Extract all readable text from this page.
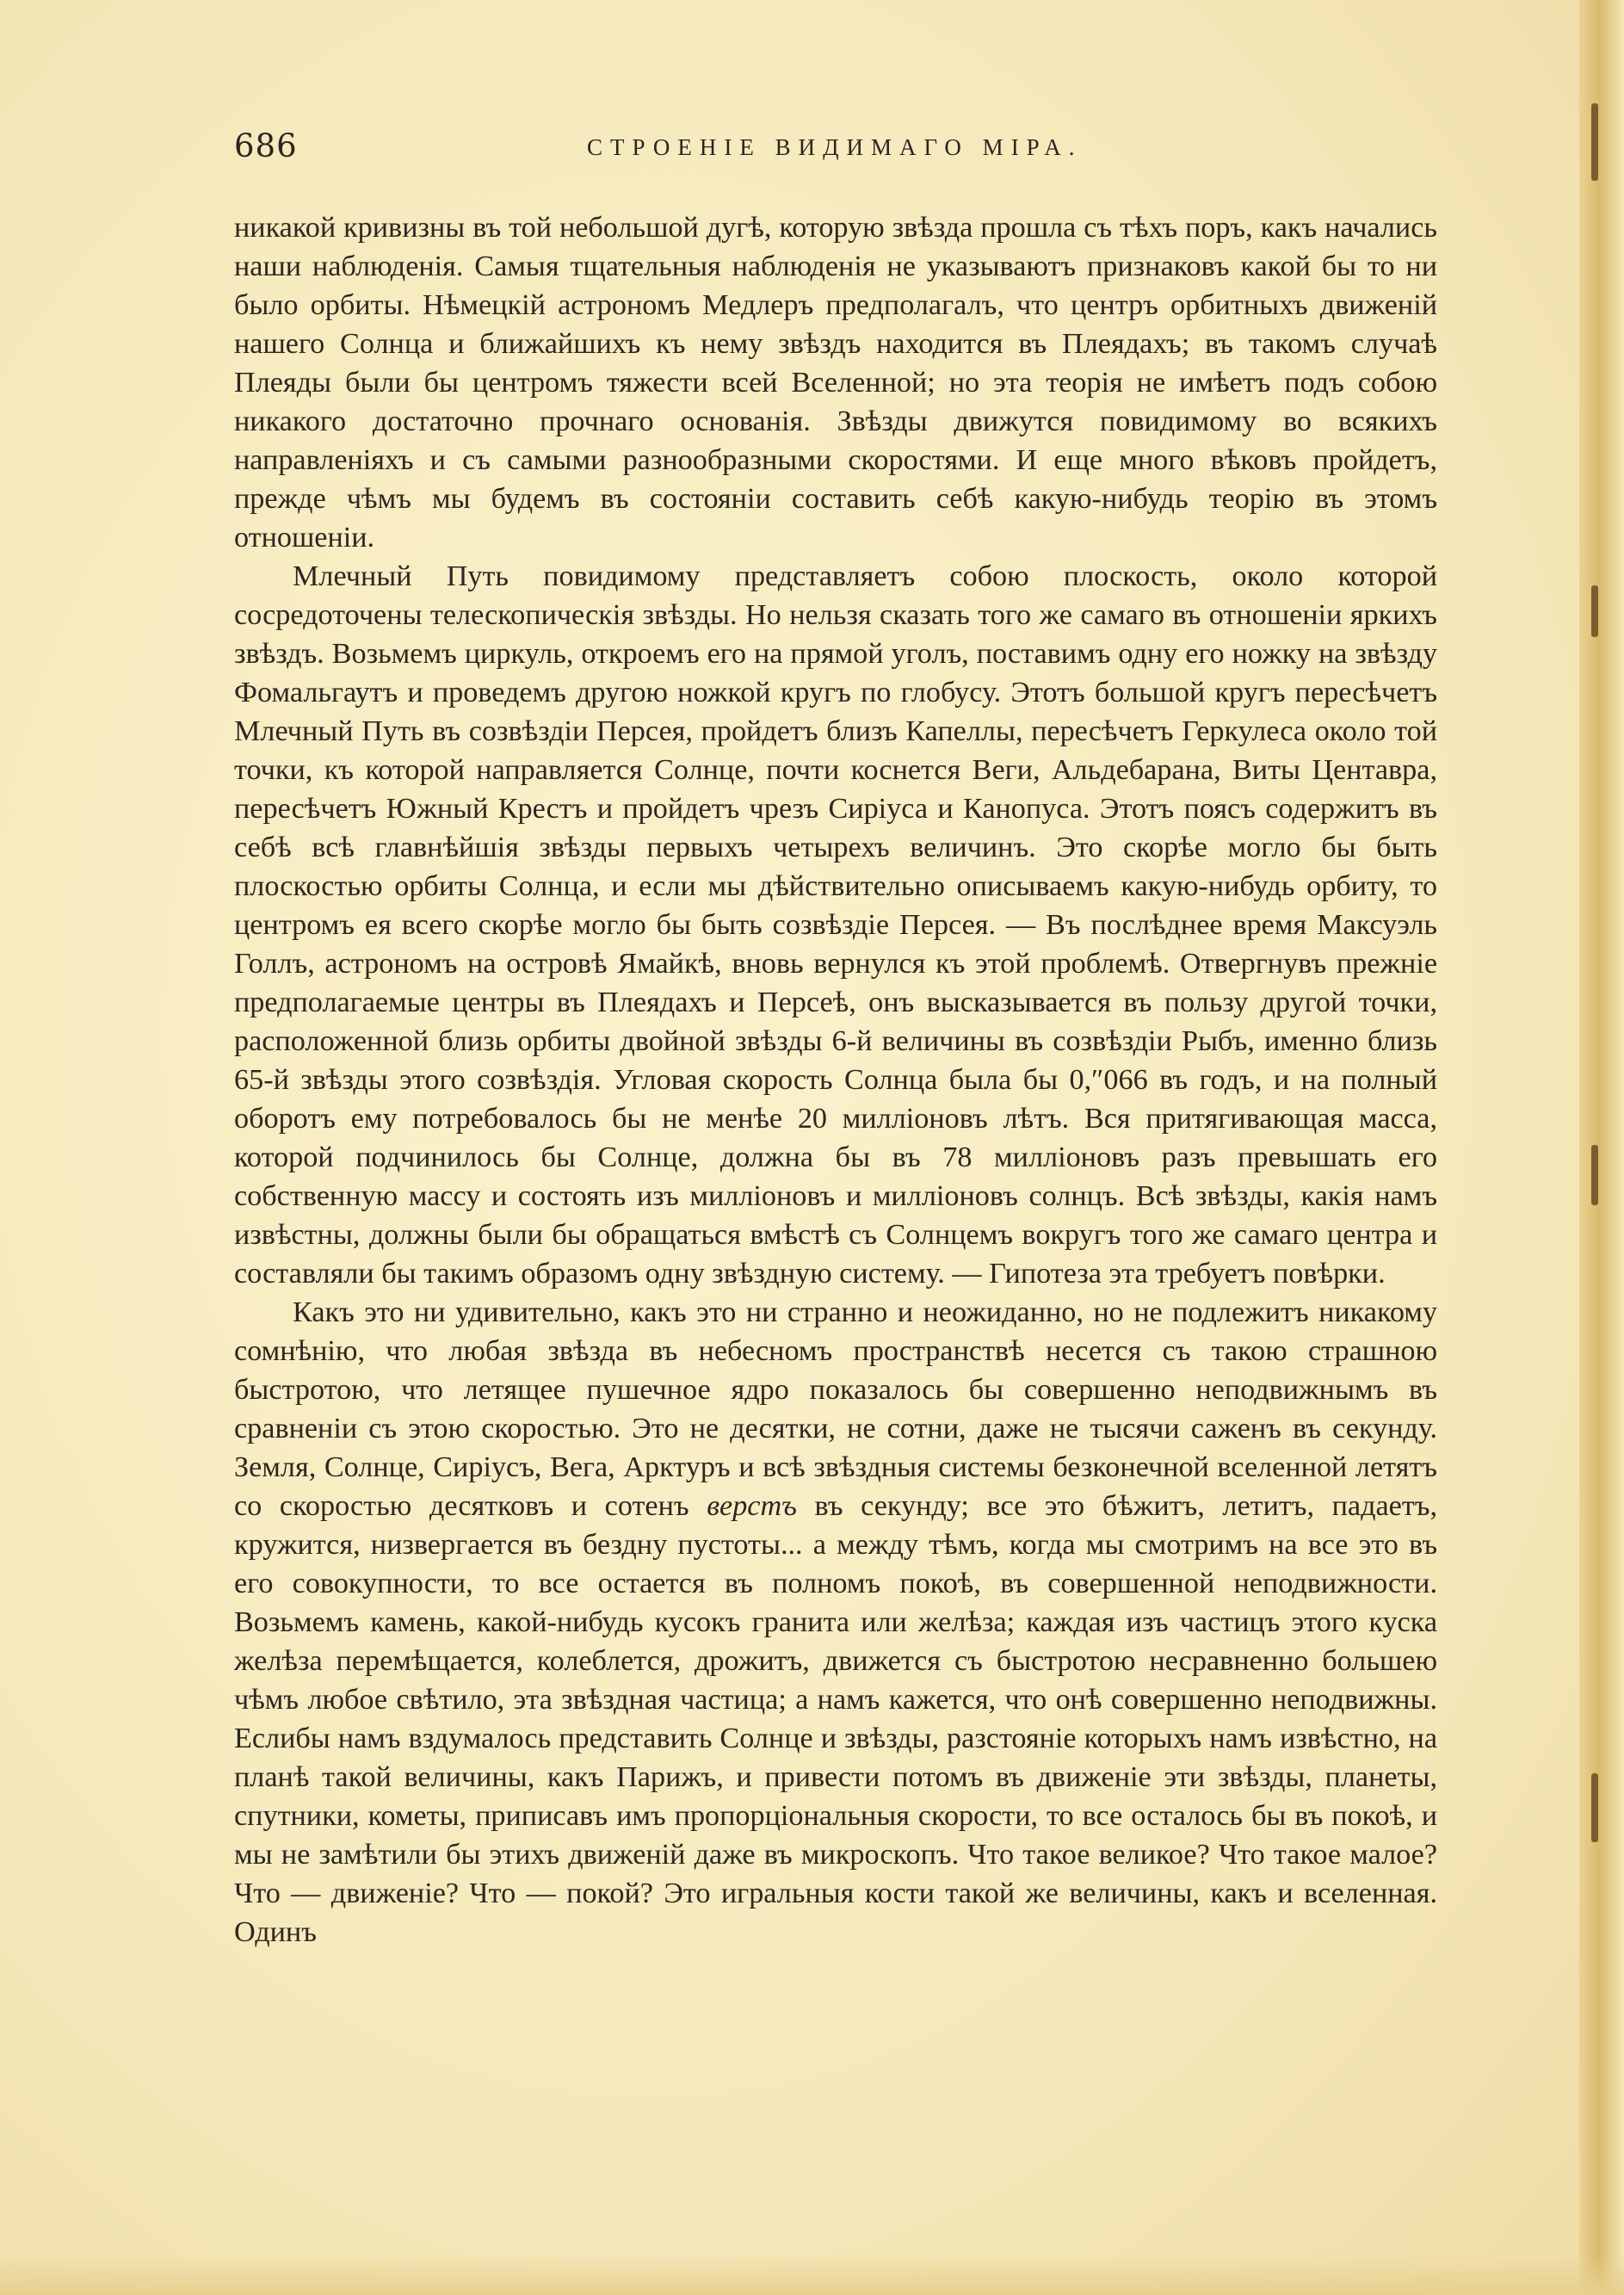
686	СТРОЕНІЕ ВИДИМАГО МІРА.

никакой кривизны въ той небольшой дугѣ, которую звѣзда прошла съ тѣхъ поръ, какъ начались наши наблюденія. Самыя тщательныя наблюденія не указываютъ признаковъ какой бы то ни было орбиты. Нѣмецкій астрономъ Медлеръ предполагалъ, что центръ орбитныхъ движеній нашего Солнца и ближайшихъ къ нему звѣздъ находится въ Плеядахъ; въ такомъ случаѣ Плеяды были бы центромъ тяжести всей Вселенной; но эта теорія не имѣетъ подъ собою никакого достаточно прочнаго основанія. Звѣзды движутся повидимому во всякихъ направленіяхъ и съ самыми разнообразными скоростями. И еще много вѣковъ пройдетъ, прежде чѣмъ мы будемъ въ состояніи составить себѣ какую-нибудь теорію въ этомъ отношеніи.

Млечный Путь повидимому представляетъ собою плоскость, около которой сосредоточены телескопическія звѣзды. Но нельзя сказать того же самаго въ отношеніи яркихъ звѣздъ. Возьмемъ циркуль, откроемъ его на прямой уголъ, поставимъ одну его ножку на звѣзду Фомальгаутъ и проведемъ другою ножкой кругъ по глобусу. Этотъ большой кругъ пересѣчетъ Млечный Путь въ созвѣздіи Персея, пройдетъ близъ Капеллы, пересѣчетъ Геркулеса около той точки, къ которой направляется Солнце, почти коснется Веги, Альдебарана, Виты Центавра, пересѣчетъ Южный Крестъ и пройдетъ чрезъ Сиріуса и Канопуса. Этотъ поясъ содержитъ въ себѣ всѣ главнѣйшія звѣзды первыхъ четырехъ величинъ. Это скорѣе могло бы быть плоскостью орбиты Солнца, и если мы дѣйствительно описываемъ какую-нибудь орбиту, то центромъ ея всего скорѣе могло бы быть созвѣздіе Персея. — Въ послѣднее время Максуэль Голлъ, астрономъ на островѣ Ямайкѣ, вновь вернулся къ этой проблемѣ. Отвергнувъ прежніе предполагаемые центры въ Плеядахъ и Персеѣ, онъ высказывается въ пользу другой точки, расположенной близь орбиты двойной звѣзды 6-й величины въ созвѣздіи Рыбъ, именно близь 65-й звѣзды этого созвѣздія. Угловая скорость Солнца была бы 0,″066 въ годъ, и на полный оборотъ ему потребовалось бы не менѣе 20 милліоновъ лѣтъ. Вся притягивающая масса, которой подчинилось бы Солнце, должна бы въ 78 милліоновъ разъ превышать его собственную массу и состоять изъ милліоновъ и милліоновъ солнцъ. Всѣ звѣзды, какія намъ извѣстны, должны были бы обращаться вмѣстѣ съ Солнцемъ вокругъ того же самаго центра и составляли бы такимъ образомъ одну звѣздную систему. — Гипотеза эта требуетъ повѣрки.

Какъ это ни удивительно, какъ это ни странно и неожиданно, но не подлежитъ никакому сомнѣнію, что любая звѣзда въ небесномъ пространствѣ несется съ такою страшною быстротою, что летящее пушечное ядро показалось бы совершенно неподвижнымъ въ сравненіи съ этою скоростью. Это не десятки, не сотни, даже не тысячи саженъ въ секунду. Земля, Солнце, Сиріусъ, Вега, Арктуръ и всѣ звѣздныя системы безконечной вселенной летятъ со скоростью десятковъ и сотенъ верстъ въ секунду; все это бѣжитъ, летитъ, падаетъ, кружится, низвергается въ бездну пустоты... а между тѣмъ, когда мы смотримъ на все это въ его совокупности, то все остается въ полномъ покоѣ, въ совершенной неподвижности. Возьмемъ камень, какой-нибудь кусокъ гранита или желѣза; каждая изъ частицъ этого куска желѣза перемѣщается, колеблется, дрожитъ, движется съ быстротою несравненно большею чѣмъ любое свѣтило, эта звѣздная частица; а намъ кажется, что онѣ совершенно неподвижны. Еслибы намъ вздумалось представить Солнце и звѣзды, разстояніе которыхъ намъ извѣстно, на планѣ такой величины, какъ Парижъ, и привести потомъ въ движеніе эти звѣзды, планеты, спутники, кометы, приписавъ имъ пропорціональныя скорости, то все осталось бы въ покоѣ, и мы не замѣтили бы этихъ движеній даже въ микроскопъ. Что такое великое? Что такое малое? Что — движеніе? Что — покой? Это игральныя кости такой же величины, какъ и вселенная. Одинъ
